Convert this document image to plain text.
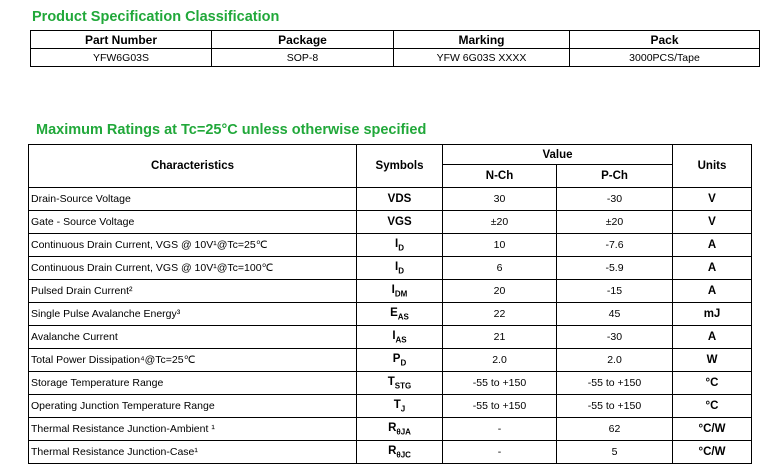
Product Specification Classification
Part Number	Package	Marking	Pack
YFW6G03S	SOP-8	YFW 6G03S XXXX	3000PCS/Tape
Maximum Ratings at Tc=25°C unless otherwise specified
Characteristics	Symbols	Value		Units
		N-Ch	P-Ch	
Drain-Source Voltage	VDS	30	-30	V
Gate - Source Voltage	VGS	±20	±20	V
Continuous Drain Current, VGS @ 10V¹@Tc=25℃	$I_D$	10	-7.6	A
Continuous Drain Current, VGS @ 10V¹@Tc=100℃	$I_D$	6	-5.9	A
Pulsed Drain Current²	$I_{DM}$	20	-15	A
Single Pulse Avalanche Energy³	$E_{AS}$	22	45	mJ
Avalanche Current	$I_{AS}$	21	-30	A
Total Power Dissipation⁴@Tc=25℃	$P_D$	2.0	2.0	W
Storage Temperature Range	$T_{STG}$	-55 to +150	-55 to +150	°C
Operating Junction Temperature Range	$T_J$	-55 to +150	-55 to +150	°C
Thermal Resistance Junction-Ambient ¹	$R_{\theta JA}$	-	62	°C/W
Thermal Resistance Junction-Case¹	$R_{\theta JC}$	-	5	°C/W
